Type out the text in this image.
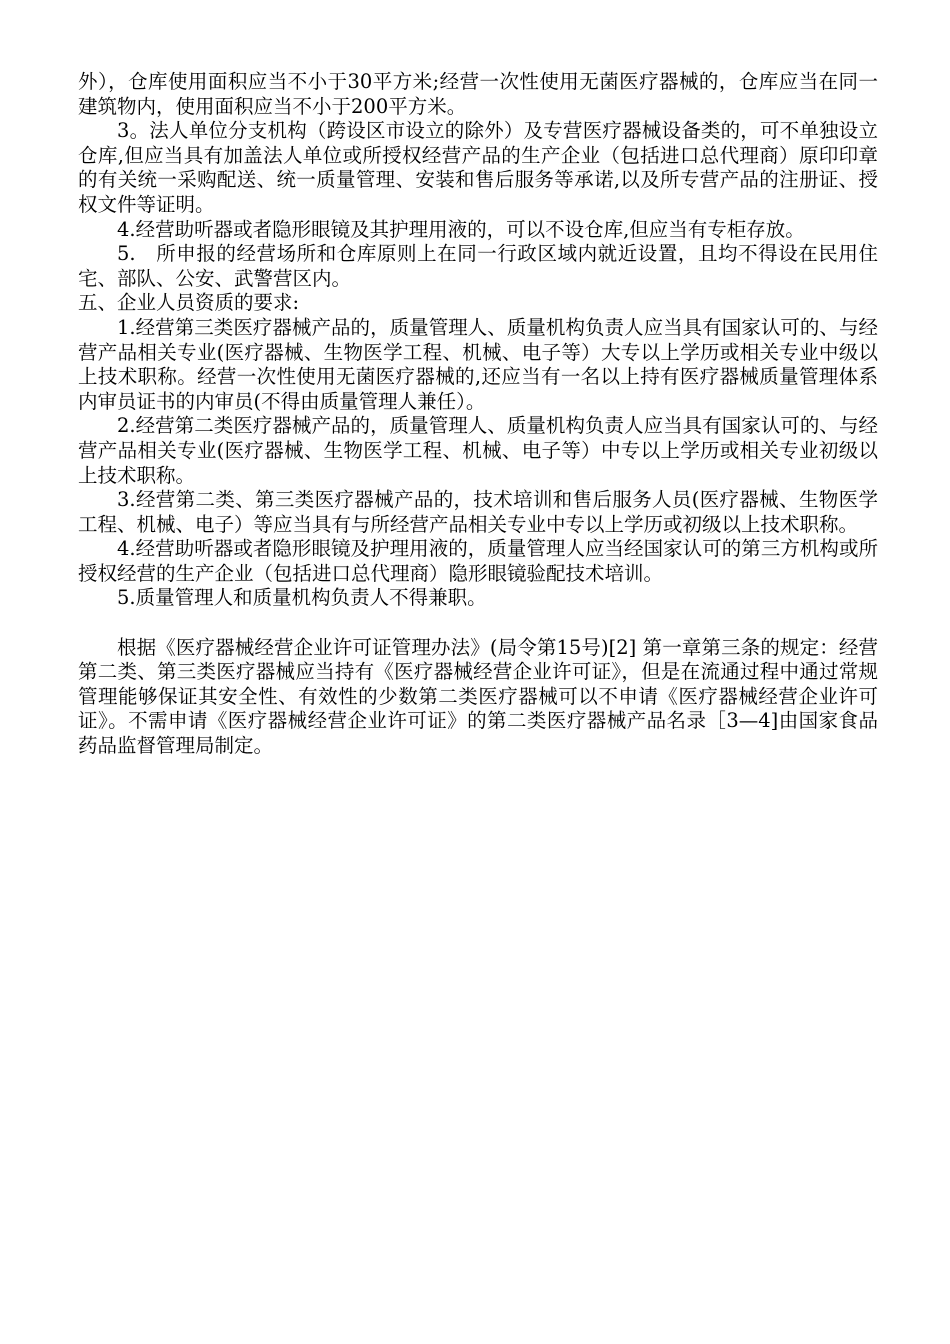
外），仓库使用面积应当不小于30平方米;经营一次性使用无菌医疗器械的，仓库应当在同一建筑物内，使用面积应当不小于200平方米。

3。法人单位分支机构（跨设区市设立的除外）及专营医疗器械设备类的，可不单独设立仓库,但应当具有加盖法人单位或所授权经营产品的生产企业（包括进口总代理商）原印印章的有关统一采购配送、统一质量管理、安装和售后服务等承诺,以及所专营产品的注册证、授权文件等证明。

4.经营助听器或者隐形眼镜及其护理用液的，可以不设仓库,但应当有专柜存放。

5.　所申报的经营场所和仓库原则上在同一行政区域内就近设置，且均不得设在民用住宅、部队、公安、武警营区内。

五、企业人员资质的要求:

1.经营第三类医疗器械产品的，质量管理人、质量机构负责人应当具有国家认可的、与经营产品相关专业(医疗器械、生物医学工程、机械、电子等）大专以上学历或相关专业中级以上技术职称。经营一次性使用无菌医疗器械的,还应当有一名以上持有医疗器械质量管理体系内审员证书的内审员(不得由质量管理人兼任）。

2.经营第二类医疗器械产品的，质量管理人、质量机构负责人应当具有国家认可的、与经营产品相关专业(医疗器械、生物医学工程、机械、电子等）中专以上学历或相关专业初级以上技术职称。

3.经营第二类、第三类医疗器械产品的，技术培训和售后服务人员(医疗器械、生物医学工程、机械、电子）等应当具有与所经营产品相关专业中专以上学历或初级以上技术职称。

4.经营助听器或者隐形眼镜及护理用液的，质量管理人应当经国家认可的第三方机构或所授权经营的生产企业（包括进口总代理商）隐形眼镜验配技术培训。

5.质量管理人和质量机构负责人不得兼职。

根据《医疗器械经营企业许可证管理办法》(局令第15号)[2] 第一章第三条的规定：经营第二类、第三类医疗器械应当持有《医疗器械经营企业许可证》，但是在流通过程中通过常规管理能够保证其安全性、有效性的少数第二类医疗器械可以不申请《医疗器械经营企业许可证》。不需申请《医疗器械经营企业许可证》的第二类医疗器械产品名录［3—4]由国家食品药品监督管理局制定。
